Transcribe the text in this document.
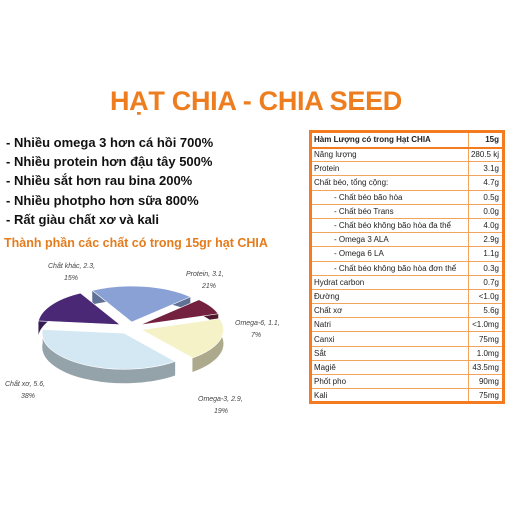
HẠT CHIA - CHIA SEED
- Nhiều omega 3 hơn cá hồi 700%
- Nhiều protein hơn đậu tây 500%
- Nhiều sắt hơn rau bina 200%
- Nhiều photpho hơn sữa 800%
- Rất giàu chất xơ và kali
Thành phần các chất có trong 15gr hạt CHIA
Protein, 3.1,
21%
Omega-6, 1.1,
7%
Omega-3, 2.9,
19%
Chất xơ, 5.6,
38%
Chất khác, 2.3,
15%
Hàm Lượng có trong Hạt CHIA	15g
Năng lượng	280.5 kj
Protein	3.1g
Chất béo, tổng cộng:	4.7g
- Chất béo bão hòa	0.5g
- Chất béo Trans	0.0g
- Chất béo không bão hòa đa thể	4.0g
- Omega 3 ALA	2.9g
- Omega 6 LA	1.1g
- Chất béo không bão hòa đơn thể	0.3g
Hydrat carbon	0.7g
Đường	<1.0g
Chất xơ	5.6g
Natri	<1.0mg
Canxi	75mg
Sắt	1.0mg
Magiê	43.5mg
Phốt pho	90mg
Kali	75mg
